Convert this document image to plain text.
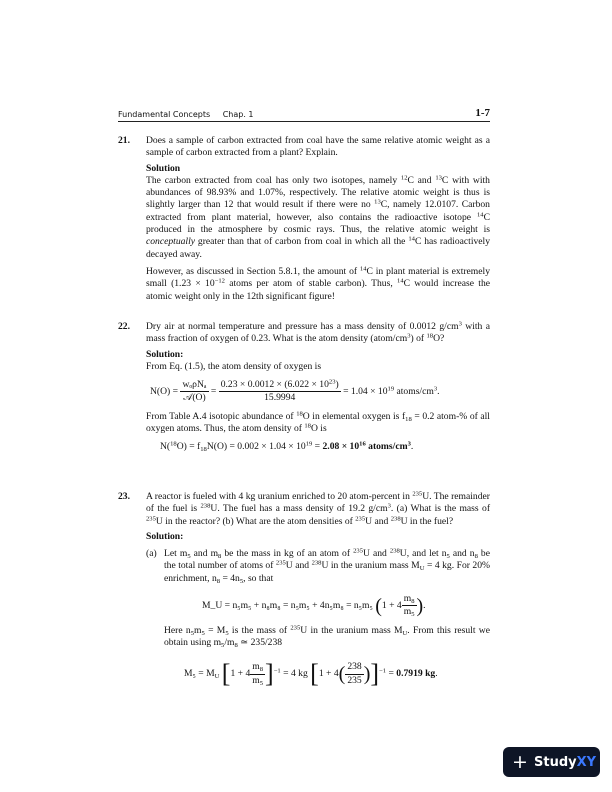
Fundamental Concepts Chap. 1	1-7
21. Does a sample of carbon extracted from coal have the same relative atomic weight as a sample of carbon extracted from a plant? Explain.

Solution

The carbon extracted from coal has only two isotopes, namely $^{12}$C and $^{13}$C with with abundances of 98.93% and 1.07%, respectively. The relative atomic weight is thus is slightly larger than 12 that would result if there were no $^{13}$C, namely 12.0107. Carbon extracted from plant material, however, also contains the radioactive isotope $^{14}$C produced in the atmosphere by cosmic rays. Thus, the relative atomic weight is conceptually greater than that of carbon from coal in which all the $^{14}$C has radioactively decayed away.

However, as discussed in Section 5.8.1, the amount of $^{14}$C in plant material is extremely small ($1.23 \times 10^{-12}$ atoms per atom of stable carbon). Thus, $^{14}$C would increase the atomic weight only in the 12th significant figure!

22. Dry air at normal temperature and pressure has a mass density of 0.0012 $g/cm^3$ with a mass fraction of oxygen of 0.23. What is the atom density $(atom/cm^3)$ of $^{18}$O?

Solution:

From Eq. (1.5), the atom density of oxygen is

$N(O) = \frac{\text{wₒρNₐ}}{\text{𝒜(O)}} = \frac{0.23 \times 0.0012 \times (6.022 \times 10^{23})}{15.9994} = 1.04 \times 10^{19}$ atoms/$cm^3$.

From Table A.4 isotopic abundance of $^{18}$O in elemental oxygen is $f_{18} = 0.2$ atom-% of all oxygen atoms. Thus, the atom density of $^{18}$O is

$N(^{18}O) = f_{18}N(O) = 0.002 \times 1.04 \times 10^{19} = 2.08 \times 10^{16}$ atoms/$cm^3$.
23. A reactor is fueled with 4 kg uranium enriched to 20 atom-percent in $^{235}$U. The remainder of the fuel is $^{238}$U. The fuel has a mass density of 19.2 $g/cm^3$. (a) What is the mass of $^{235}$U in the reactor? (b) What are the atom densities of $^{235}$U and $^{238}$U in the fuel?

Solution:

(a) Let $m_5$ and $m_8$ be the mass in kg of an atom of $^{235}$U and $^{238}$U, and let $n_5$ and $n_8$ be the total number of atoms of $^{235}$U and $^{238}$U in the uranium mass $M_U = 4$ kg. For 20% enrichment, $n_8 = 4n_5$, so that

M_U = n₅m₅ + n₈m₈ = n₅m₅ + 4n₅m₈ = n₅m₅ ($1 + 4 \frac{m_8}{m_5}$ ).

Here $n_5m_5 = M_5$ is the mass of $^{235}$U in the uranium mass $M_U$. From this result we obtain using $m_5/m_8$ ≃ 235/238

$M_5 = M_U$ $[1 + 4 \frac{m_8}{m_5} ]^{-1} = 4$ kg $[1 + 4( \frac{238}{235} )]^{-1} = 0.7919$ kg.
+ StudyXY
